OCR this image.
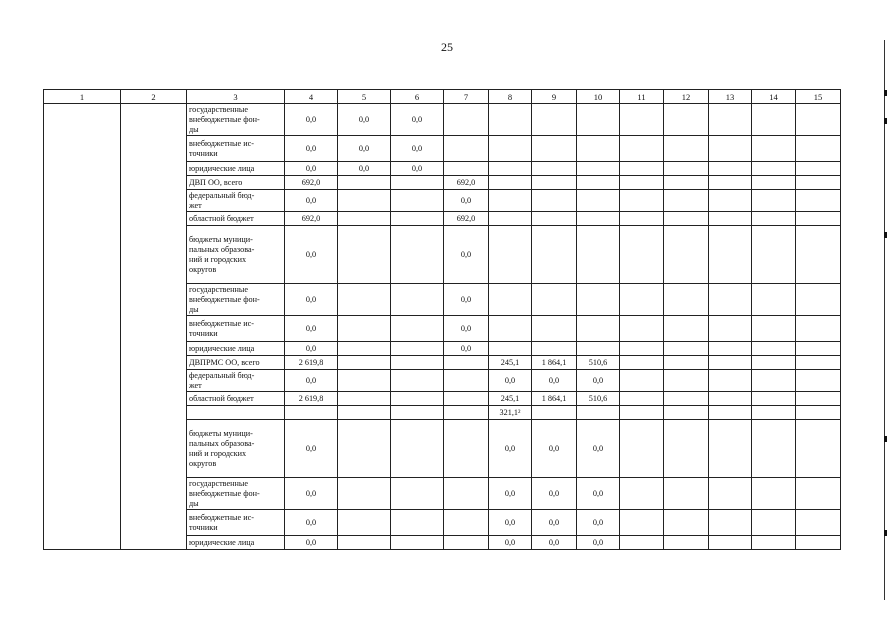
25
1	2	3	4	5	6	7	8	9	10	11	12	13	14	15
		государственные
внебюджетные фон-
ды	0,0	0,0	0,0									
		внебюджетные ис-
точники	0,0	0,0	0,0									
		юридические лица	0,0	0,0	0,0									
		ДВП ОО, всего	692,0			692,0								
		федеральный бюд-
жет	0,0			0,0								
		областной бюджет	692,0			692,0								
		бюджеты муници-
пальных образова-
ний и городских
округов	0,0			0,0								
		государственные
внебюджетные фон-
ды	0,0			0,0								
		внебюджетные ис-
точники	0,0			0,0								
		юридические лица	0,0			0,0								
		ДВПРМС ОО, всего	2 619,8				245,1	1 864,1	510,6					
		федеральный бюд-
жет	0,0				0,0	0,0	0,0					
		областной бюджет	2 619,8				245,1	1 864,1	510,6					
							321,1²							
		бюджеты муници-
пальных образова-
ний и городских
округов	0,0				0,0	0,0	0,0					
		государственные
внебюджетные фон-
ды	0,0				0,0	0,0	0,0					
		внебюджетные ис-
точники	0,0				0,0	0,0	0,0					
		юридические лица	0,0				0,0	0,0	0,0					
